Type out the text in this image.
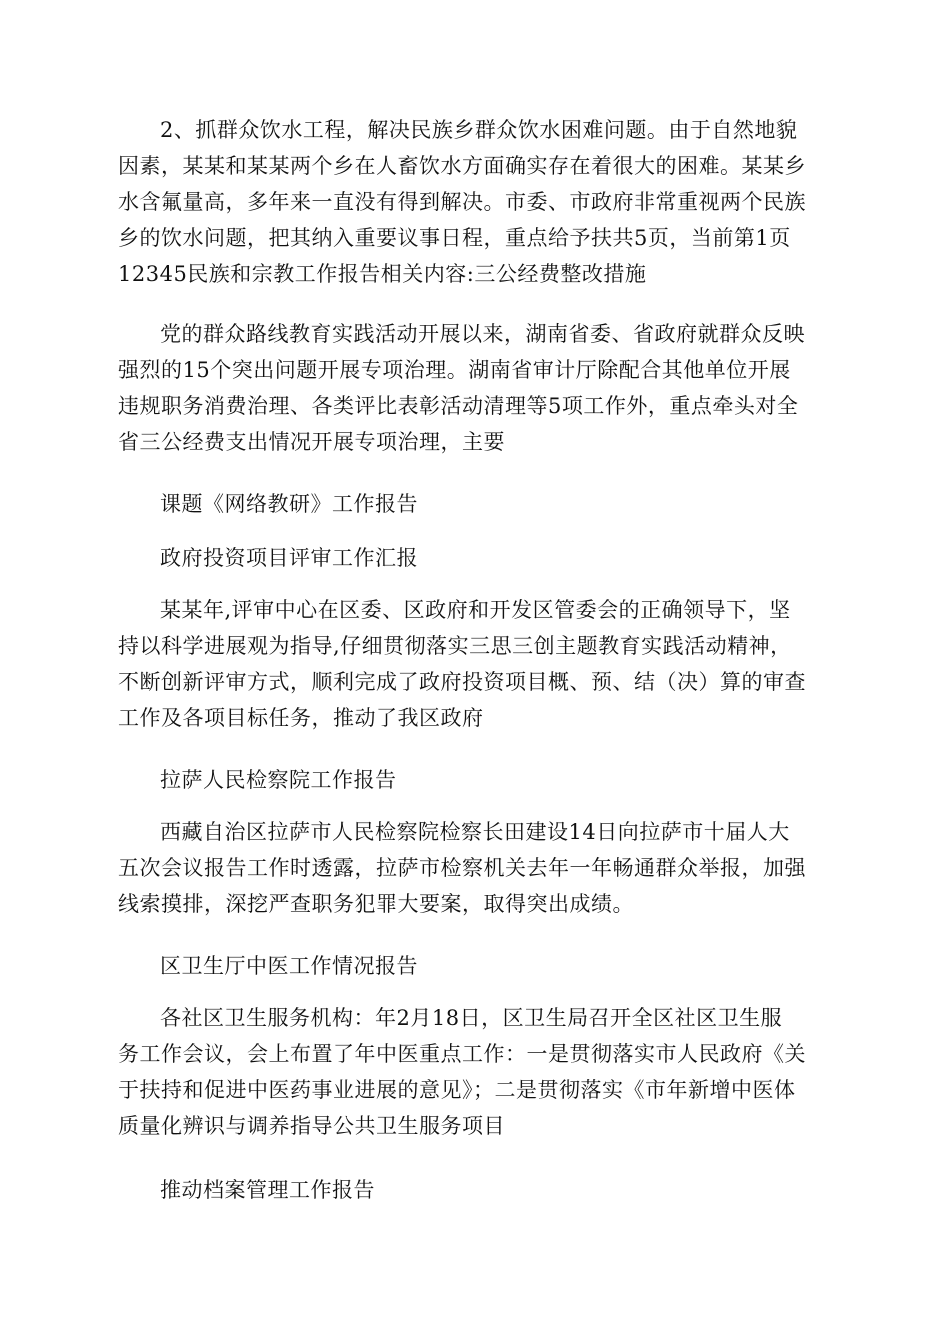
2、抓群众饮水工程，解决民族乡群众饮水困难问题。由于自然地貌
因素，某某和某某两个乡在人畜饮水方面确实存在着很大的困难。某某乡
水含氟量高，多年来一直没有得到解决。市委、市政府非常重视两个民族
乡的饮水问题，把其纳入重要议事日程，重点给予扶共5页，当前第1页
12345民族和宗教工作报告相关内容:三公经费整改措施

党的群众路线教育实践活动开展以来，湖南省委、省政府就群众反映
强烈的15个突出问题开展专项治理。湖南省审计厅除配合其他单位开展
违规职务消费治理、各类评比表彰活动清理等5项工作外，重点牵头对全
省三公经费支出情况开展专项治理，主要

课题《网络教研》工作报告

政府投资项目评审工作汇报

某某年,评审中心在区委、区政府和开发区管委会的正确领导下，坚
持以科学进展观为指导,仔细贯彻落实三思三创主题教育实践活动精神，
不断创新评审方式，顺利完成了政府投资项目概、预、结（决）算的审查
工作及各项目标任务，推动了我区政府

拉萨人民检察院工作报告

西藏自治区拉萨市人民检察院检察长田建设14日向拉萨市十届人大
五次会议报告工作时透露，拉萨市检察机关去年一年畅通群众举报，加强
线索摸排，深挖严查职务犯罪大要案，取得突出成绩。

区卫生厅中医工作情况报告

各社区卫生服务机构：年2月18日，区卫生局召开全区社区卫生服
务工作会议，会上布置了年中医重点工作：一是贯彻落实市人民政府《关
于扶持和促进中医药事业进展的意见》；二是贯彻落实《市年新增中医体
质量化辨识与调养指导公共卫生服务项目

推动档案管理工作报告
